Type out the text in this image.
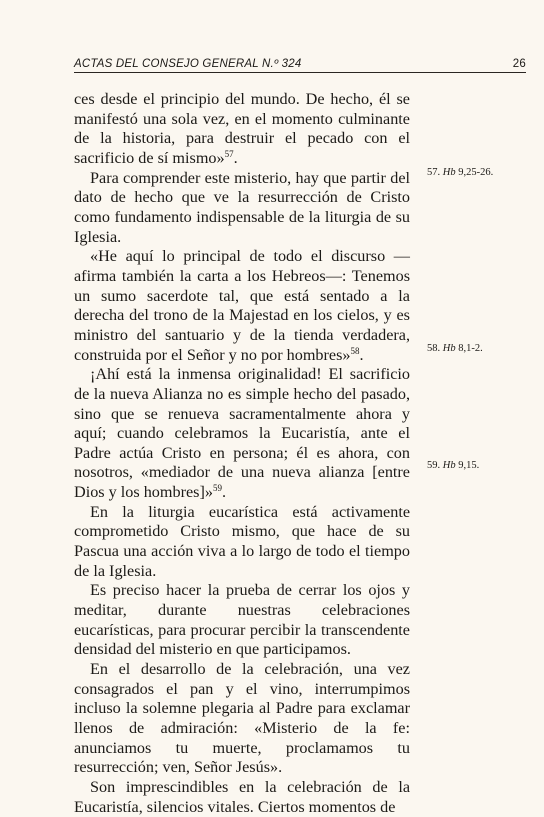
ACTAS DEL CONSEJO GENERAL N.º 324	26

ces desde el principio del mundo. De hecho, él se manifestó una sola vez, en el momento culminante de la historia, para destruir el pecado con el sacrificio de sí mismo»$^{57}$.

Para comprender este misterio, hay que partir del dato de hecho que ve la resurrección de Cristo como fundamento indispensable de la liturgia de su Iglesia.

«He aquí lo principal de todo el discurso —afirma también la carta a los Hebreos—: Tenemos un sumo sacerdote tal, que está sentado a la derecha del trono de la Majestad en los cielos, y es ministro del santuario y de la tienda verdadera, construida por el Señor y no por hombres»$^{58}$.

¡Ahí está la inmensa originalidad! El sacrificio de la nueva Alianza no es simple hecho del pasado, sino que se renueva sacramentalmente ahora y aquí; cuando celebramos la Eucaristía, ante el Padre actúa Cristo en persona; él es ahora, con nosotros, «mediador de una nueva alianza [entre Dios y los hombres]»$^{59}$.

En la liturgia eucarística está activamente comprometido Cristo mismo, que hace de su Pascua una acción viva a lo largo de todo el tiempo de la Iglesia.

Es preciso hacer la prueba de cerrar los ojos y meditar, durante nuestras celebraciones eucarísticas, para procurar percibir la transcendente densidad del misterio en que participamos.

En el desarrollo de la celebración, una vez consagrados el pan y el vino, interrumpimos incluso la solemne plegaria al Padre para exclamar llenos de admiración: «Misterio de la fe: anunciamos tu muerte, proclamamos tu resurrección; ven, Señor Jesús».

Son imprescindibles en la celebración de la Eucaristía, silencios vitales. Ciertos momentos de

57. Hb 9,25-26.
58. Hb 8,1-2.
59. Hb 9,15.
